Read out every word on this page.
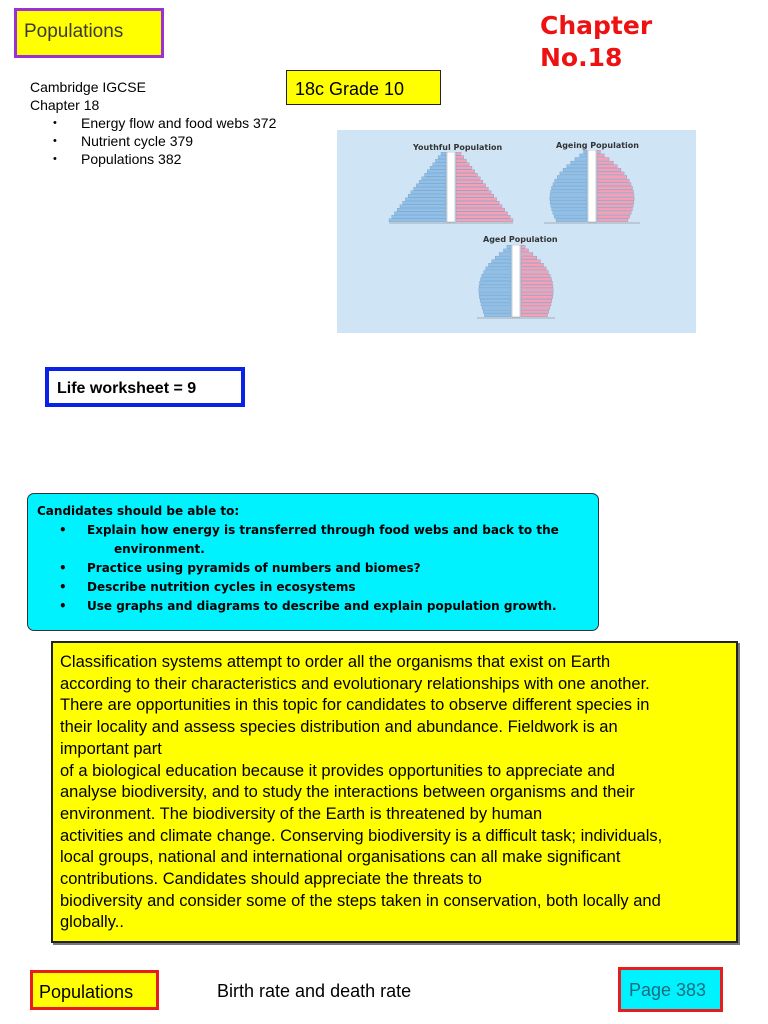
Populations	Chapter
No.18
18c Grade 10
Cambridge IGCSE
Chapter 18
• Energy flow and food webs 372
• Nutrient cycle 379
• Populations 382
Youthful Population	Ageing Population
Aged Population
Life worksheet = 9
Candidates should be able to:
• Explain how energy is transferred through food webs and back to the
environment.
• Practice using pyramids of numbers and biomes?
• Describe nutrition cycles in ecosystems
• Use graphs and diagrams to describe and explain population growth.

Classification systems attempt to order all the organisms that exist on Earth

according to their characteristics and evolutionary relationships with one another.

There are opportunities in this topic for candidates to observe different species in

their locality and assess species distribution and abundance. Fieldwork is an

important part

of a biological education because it provides opportunities to appreciate and

analyse biodiversity, and to study the interactions between organisms and their

environment. The biodiversity of the Earth is threatened by human

activities and climate change. Conserving biodiversity is a difficult task; individuals,

local groups, national and international organisations can all make significant

contributions. Candidates should appreciate the threats to

biodiversity and consider some of the steps taken in conservation, both locally and

globally..

Populations	Birth rate and death rate	Page 383
